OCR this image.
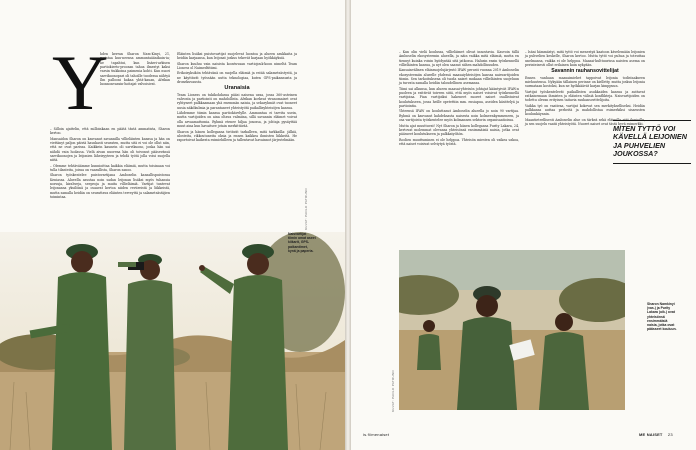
Y

hden kerran Sharon Nam-Kinyi, 21, muistaa kuu-neensa ammuntaäänikuin-ia; he tapahtui, kun lisäeri-arkisen partiokierto-proosan tahoa ilmestyi kaksi varsin tiukkoina paimenia kohti. Kun nuori sarvikuonopari oli tahoille tuodessa nähtyä Ilm pallooni kakaa yhtä-kauan, Afrikan luonnonvarain-hoitajat valvoisivat.

– Silloin ajattelin, että milloinkaan en päätä tästä ammatista, Sharon kertoo.

Mansaidon Sharon on kasvanut savannilla villieläinten kanssa ja hän on viettänyt paljon päiviä hauskasti seuraten, mutta sitä ei voi ole ollut niin, että ne ovat parissa. Kaikkein kaunein oli sarvikuono, jonka hän sai nähdä vain luolassa. Vielä aivan nuorena hän oli toivonut pääsevänsä sarvikuonojen ja leijonien läheisyyteen ja tehdä työtä jolla voisi suojella niitä.

– Olemme tehtäväämme kunnioittaa kaikkia eläimiä, mutta toisinaan voi tulla tilanteita, joissa on vaarallista, Sharon sanoo.

Sharon työskentelee puistovartijana Amboselin kansallispuistossa Keniassa. Alueella asustaa noin sadan leijonan lisäksi myös tuhansia norsuja, kirahveja, seeproja ja muita villieläimiä. Vartijat tuntevat leijonansa yksilöinä ja osaavat kertoa niiden reviireistä ja liikkeistä, mutta samalla heidän on seurattava eläinten terveyttä ja salametsästäjien toimintaa.

Eläinten lisäksi puistovartijat suojelevat luontoa ja alueen asukkaita ja heidän karjaansa, kun leijonat joskus tekevät karjaan hyökkäyksiä.

Sharon kuuluu vain naisista koostuvaan vartiojouk-koon nimeltä Team Lioness ol Naimedtitiimi.

Erikoisyksikön tehtävänä on suojella eläimiä ja estää salametsästystä, ja ne käyttävät työssään uutta teknologiaa, kuten GPS-paikannusta ja dronekuvausta.

Uranaisia

Team Lioness on tukikohdassa pääsi naisena uraa, jossa 360-asteinen valvonta ja partiointi on mahdollista. Afrikan korkeat viranomaiset ovat ryhtyneet palkkaamaan yhä enemmän naisia, ja sekaryhmät ovat tuoneet uusia näkökulmia ja parantaneet yhteistyötä paikallisyhteisöjen kanssa.

Lähdemme tiimin kanssa partiokävelylle. Ammuntaa ei tarvita usein, mutta vartijoiden on aina oltava valmiina, sillä savannin eläimet voivat olla arvaamattomia. Ryhmä etenee hiljaa jonossa, ja johtaja pysäyttää muut aina kun havaitsee jotain merkittävää.

Sharon ja hänen kollegansa tietävät tarkalleen, mitä tarkkailla: jälkiä, ulosteita, rikkoutuneita oksia ja ennen kaikkea ihmisten liikkeitä. He raportoivat kaikesta esimiehilleen ja tallentavat havainnot järjestelmään.

KUVAT: PAOLO PATRUNO
Naisvartijat tiimin omat aseet kiikarit, GPS-paikantimet, kynä ja paperia.

– Kun olin vielä koulussa, villieläimet olivat innostavia. Kasvoin tällä Amboselin ekosysteemin alueella, ja näin vaikka mitä eläimiä, mutta en tiennyt kuinka voisin hyödyntää sitä jatkossa. Halusin ensin työskennellä villieläinten kanssa, ja nyt olen saanut siihen mahdollisuuden.

Kansainvälinen eläinsuojelujärjestö IFAW perusti vuonna 2019 Amboselin ekosysteemiin alueelle yhdessä maasaiyhteisöjen kanssa naisvartijoiden tiimin. Sen tarkoituksena oli tuoda naiset mukaan villieläinten suojeluun ja turvata samalla heidän taloudellinen asemansa.

Tiimi sai alkunsa, kun alueen maasai-yhteisön johtajat kääntyivät IFAW:n puoleen ja esittivät toiveen siitä, että myös naiset voisivat työskennellä vartijoina. Pian vartijoiksi hakeneet nuoret naiset osallistuivat koulutukseen, jossa heille opetettiin mm. ensiapua, aseiden käsittelyä ja partiointia.

Yhteensä IFAW on kouluttanut Amboselin alueella jo noin 90 vartijaa. Ryhmä on kasvanut kahdeksasta naisesta noin kolmeenkymmeneen, ja osa vartijoista työskentelee myös kolmannen sektorin organisaatioissa.

Mutta ajat muuttuvat! Nyt Sharon ja hänen kollegansa Purity Lakara, 24, kertovat molemmat olevansa yhteisönsä ensimmäisiä naisia, jotka ovat päässeet koulutukseen ja palkkatyöhön.

Roolien muuttuminen ei ole helppoa. Yhteisön miesten oli vaikea uskoa, että naiset voisivat selviytyä työstä.

– Isäni hämmästyi, mitä tyttö voi menestyä kaatoon kävelemään leijonien ja puhvelien keskelle, Sharon kertoo. Mutta tyttö voi puhua ja toteuttaa unelmansa, vaikka ei ole helppoa. Maasai-kulttuurissa naisten asema on perinteisesti ollut erilainen kuin nykyään.

Savannin rauhansovittelijat

Ennen vanhaan maasaimiehet tappoivat leijonia todistaakseen miehuutensa. Nykyään tällainen perinne on kielletty, mutta joskus leijonia surmataan kostoksi, kun ne hyökkäävät karjan kimppuun.

Vartijat työskentelevät paikallisten asukkaiden kanssa ja auttavat ratkaisemaan ihmisten ja eläinten välisiä konflikteja. Naisvartijoiden on todettu olevan erityisen taitavia rauhansovittelijoita.

Vaikka työ on vaativaa, vartijat kokevat sen merkitykselliseksi. Heidän palkkansa auttaa perheitä ja mahdollistaa esimerkiksi sisarusten koulunkäynnin.

Maantieteellisesti Amboselin alue on tärkeä sekä eläimille että ihmisille, ja sen suojelu vaatii yhteistyötä. Nuoret naiset ovat tästä hyvä esimerkki.

MITEN TYTTÖ VOI KÄVELLÄ LEIJONIEN JA PUHVELIEN JOUKOSSA?
KUVAT: PAOLO PATRUNO
Sharon Namkinyi (vas.) ja Purity Lakara (oik.) ovat yhteisönsä ensimmäisiä naisia, jotka ovat päässeet kouluun.
is.fi/menaiset	ME NAISET 23
